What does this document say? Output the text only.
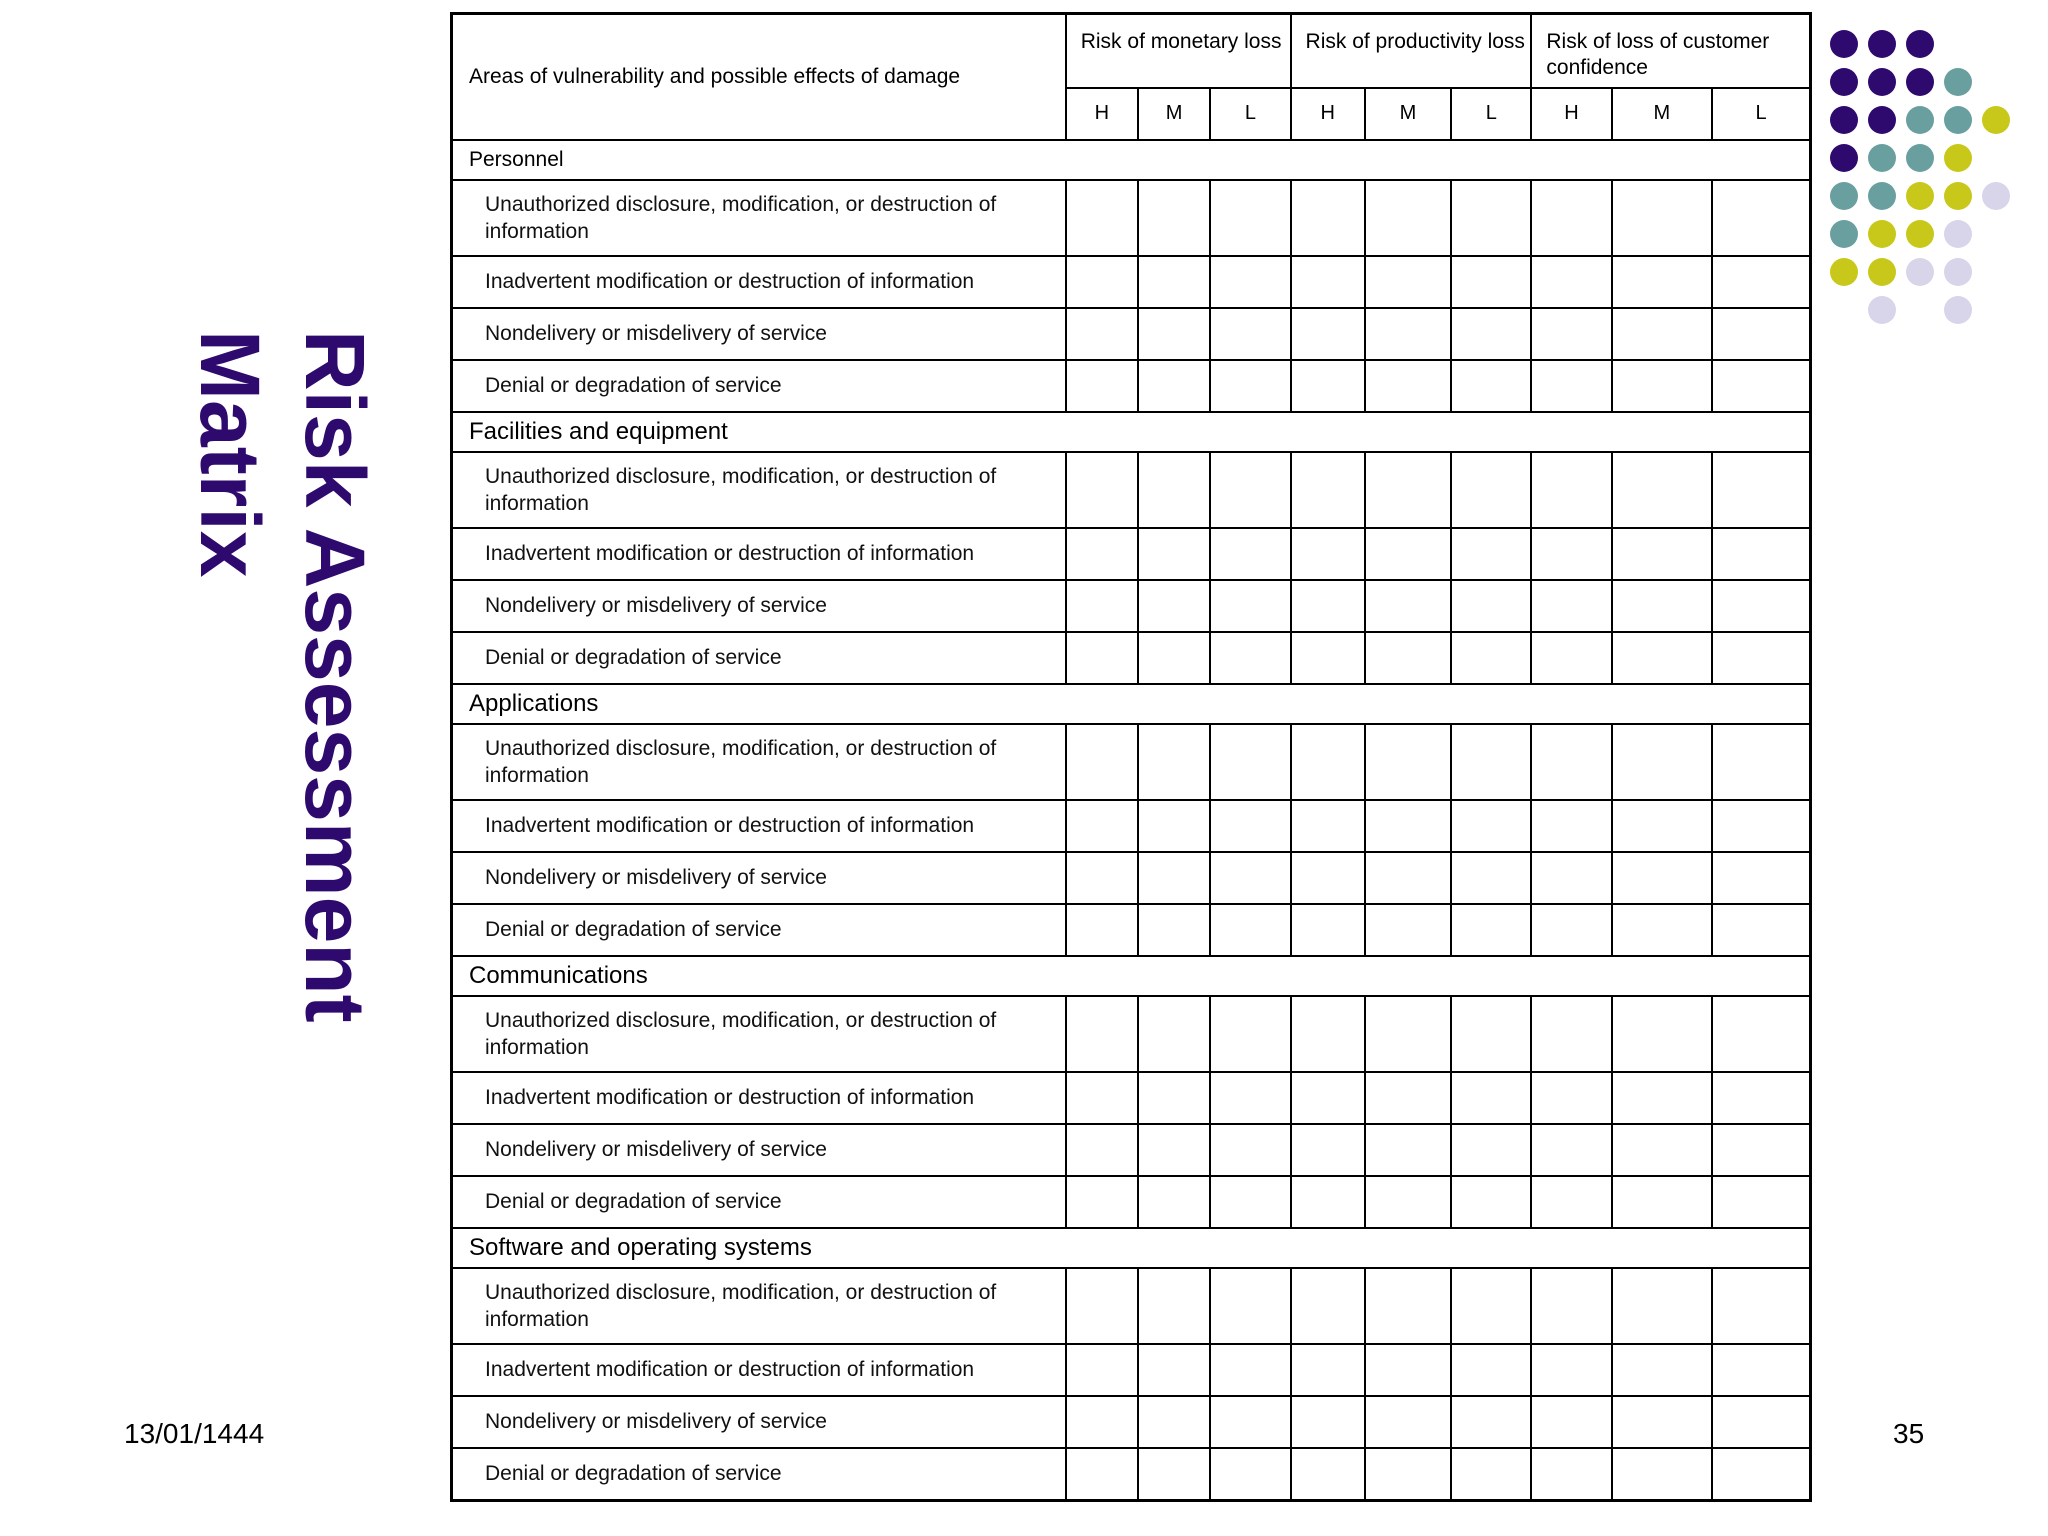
Risk Assessment
Matrix
13/01/1444	35
Areas of vulnerability and possible effects of damage	Risk of monetary loss			Risk of productivity loss			Risk of loss of customer confidence		
	H	M	L	H	M	L	H	M	L
Personnel									
Unauthorized disclosure, modification, or destruction of information									
Inadvertent modification or destruction of information									
Nondelivery or misdelivery of service									
Denial or degradation of service									
Facilities and equipment									
Unauthorized disclosure, modification, or destruction of information									
Inadvertent modification or destruction of information									
Nondelivery or misdelivery of service									
Denial or degradation of service									
Applications									
Unauthorized disclosure, modification, or destruction of information									
Inadvertent modification or destruction of information									
Nondelivery or misdelivery of service									
Denial or degradation of service									
Communications									
Unauthorized disclosure, modification, or destruction of information									
Inadvertent modification or destruction of information									
Nondelivery or misdelivery of service									
Denial or degradation of service									
Software and operating systems									
Unauthorized disclosure, modification, or destruction of information									
Inadvertent modification or destruction of information									
Nondelivery or misdelivery of service									
Denial or degradation of service									
